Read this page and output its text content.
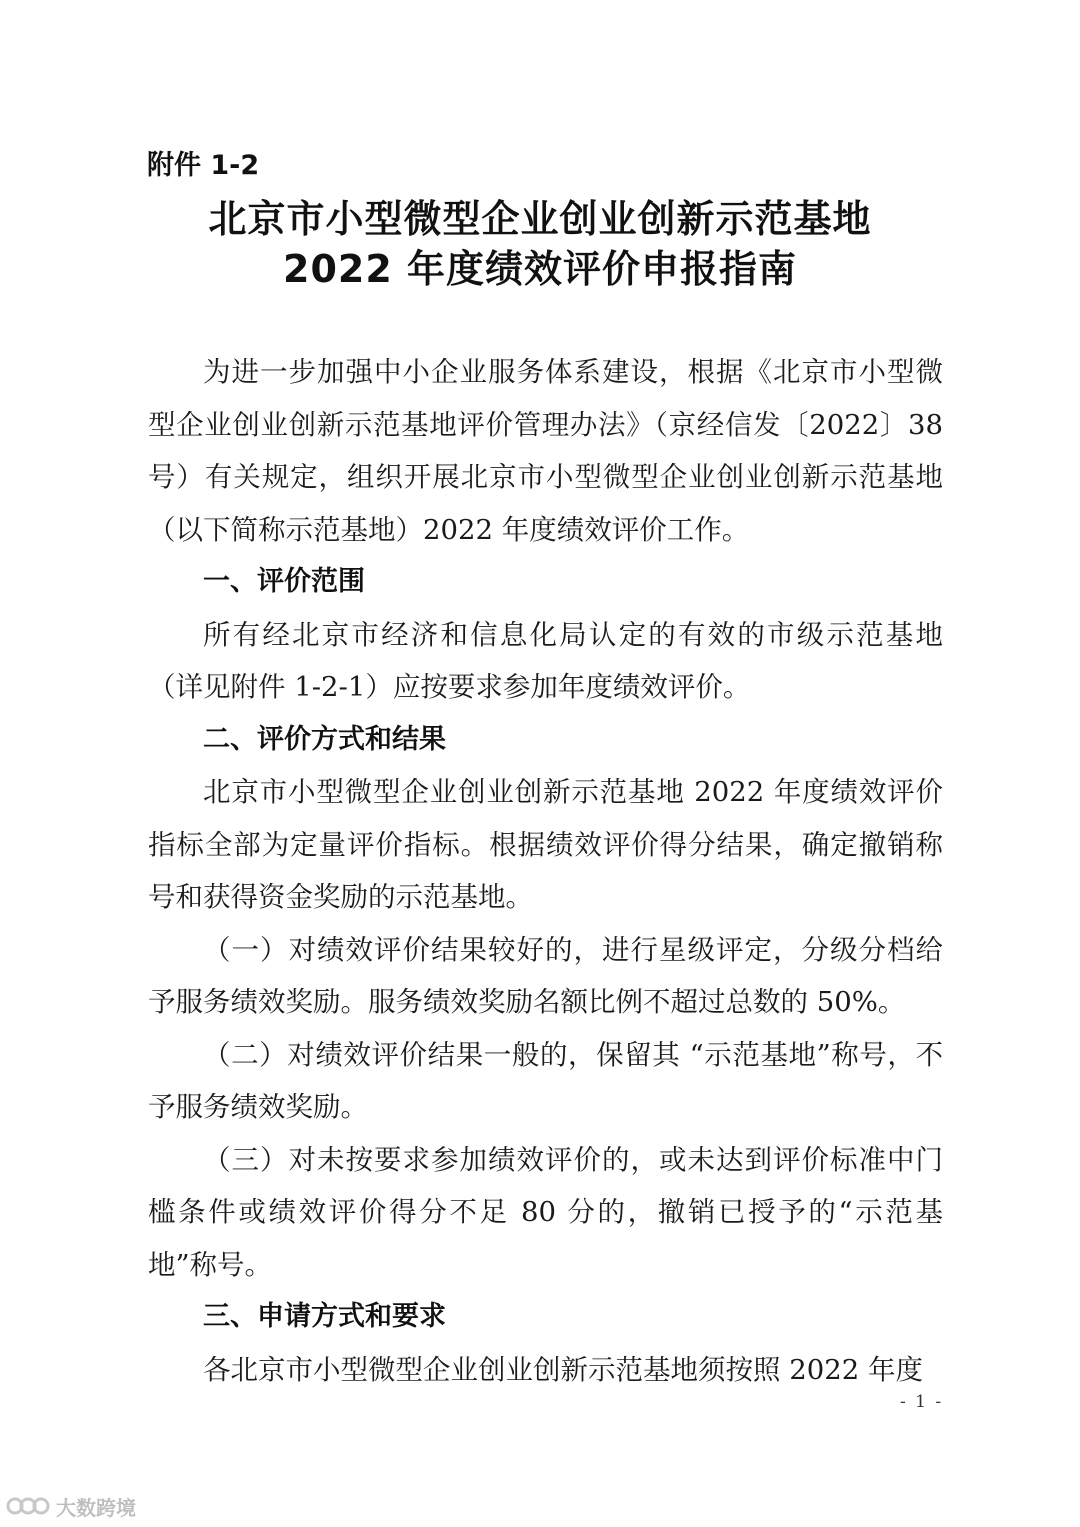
附件 1-2
北京市小型微型企业创业创新示范基地
2022 年度绩效评价申报指南

为进一步加强中小企业服务体系建设，根据《北京市小型微型企业创业创新示范基地评价管理办法》（京经信发〔2022〕38号）有关规定，组织开展北京市小型微型企业创业创新示范基地（以下简称示范基地）2022 年度绩效评价工作。

一、评价范围

所有经北京市经济和信息化局认定的有效的市级示范基地（详见附件 1-2-1）应按要求参加年度绩效评价。

二、评价方式和结果

北京市小型微型企业创业创新示范基地 2022 年度绩效评价指标全部为定量评价指标。根据绩效评价得分结果，确定撤销称号和获得资金奖励的示范基地。

（一）对绩效评价结果较好的，进行星级评定，分级分档给予服务绩效奖励。服务绩效奖励名额比例不超过总数的 50%。

（二）对绩效评价结果一般的，保留其 “示范基地”称号，不予服务绩效奖励。

（三）对未按要求参加绩效评价的，或未达到评价标准中门槛条件或绩效评价得分不足 80 分的，撤销已授予的“示范基地”称号。

三、申请方式和要求

各北京市小型微型企业创业创新示范基地须按照 2022 年度

- 1 -
大数跨境
